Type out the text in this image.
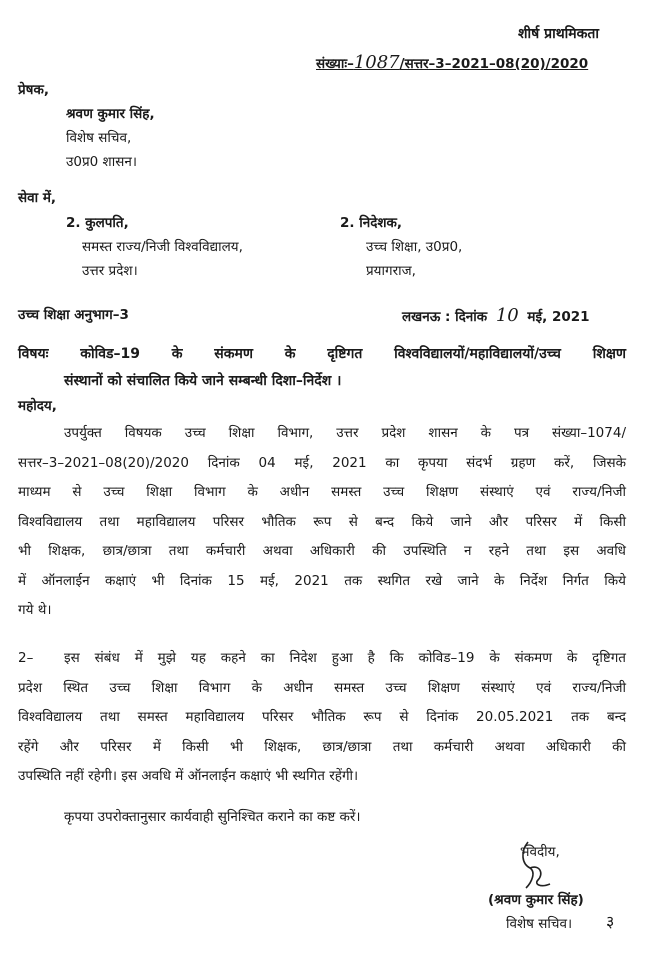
शीर्ष प्राथमिकता
संख्याः–1087/सत्तर–3–2021–08(20)/2020
प्रेषक,
श्रवण कुमार सिंह,
विशेष सचिव,
उ0प्र0 शासन।
सेवा में,
2. कुलपति,
समस्त राज्य/निजी विश्वविद्यालय,
उत्तर प्रदेश।
2. निदेशक,
उच्च शिक्षा, उ0प्र0,
प्रयागराज,
उच्च शिक्षा अनुभाग–3	लखनऊ : दिनांक 10 मई, 2021
विषयः कोविड–19 के संकमण के दृष्टिगत विश्वविद्यालयों/महाविद्यालयों/उच्च शिक्षण
संस्थानों को संचालित किये जाने सम्बन्धी दिशा–निर्देश ।
महोदय,

उपर्युक्त विषयक उच्च शिक्षा विभाग, उत्तर प्रदेश शासन के पत्र संख्या–1074/

सत्तर–3–2021–08(20)/2020 दिनांक 04 मई, 2021 का कृपया संदर्भ ग्रहण करें, जिसके

माध्यम से उच्च शिक्षा विभाग के अधीन समस्त उच्च शिक्षण संस्थाएं एवं राज्य/निजी

विश्वविद्यालय तथा महाविद्यालय परिसर भौतिक रूप से बन्द किये जाने और परिसर में किसी

भी शिक्षक, छात्र/छात्रा तथा कर्मचारी अथवा अधिकारी की उपस्थिति न रहने तथा इस अवधि

में ऑनलाईन कक्षाएं भी दिनांक 15 मई, 2021 तक स्थगित रखे जाने के निर्देश निर्गत किये

गये थे।

2– इस संबंध में मुझे यह कहने का निदेश हुआ है कि कोविड–19 के संकमण के दृष्टिगत

प्रदेश स्थित उच्च शिक्षा विभाग के अधीन समस्त उच्च शिक्षण संस्थाएं एवं राज्य/निजी

विश्वविद्यालय तथा समस्त महाविद्यालय परिसर भौतिक रूप से दिनांक 20.05.2021 तक बन्द

रहेंगे और परिसर में किसी भी शिक्षक, छात्र/छात्रा तथा कर्मचारी अथवा अधिकारी की

उपस्थिति नहीं रहेगी। इस अवधि में ऑनलाईन कक्षाएं भी स्थगित रहेंगी।

कृपया उपरोक्तानुसार कार्यवाही सुनिश्चित कराने का कष्ट करें।
भवदीय,
(श्रवण कुमार सिंह)
विशेष सचिव। ३
